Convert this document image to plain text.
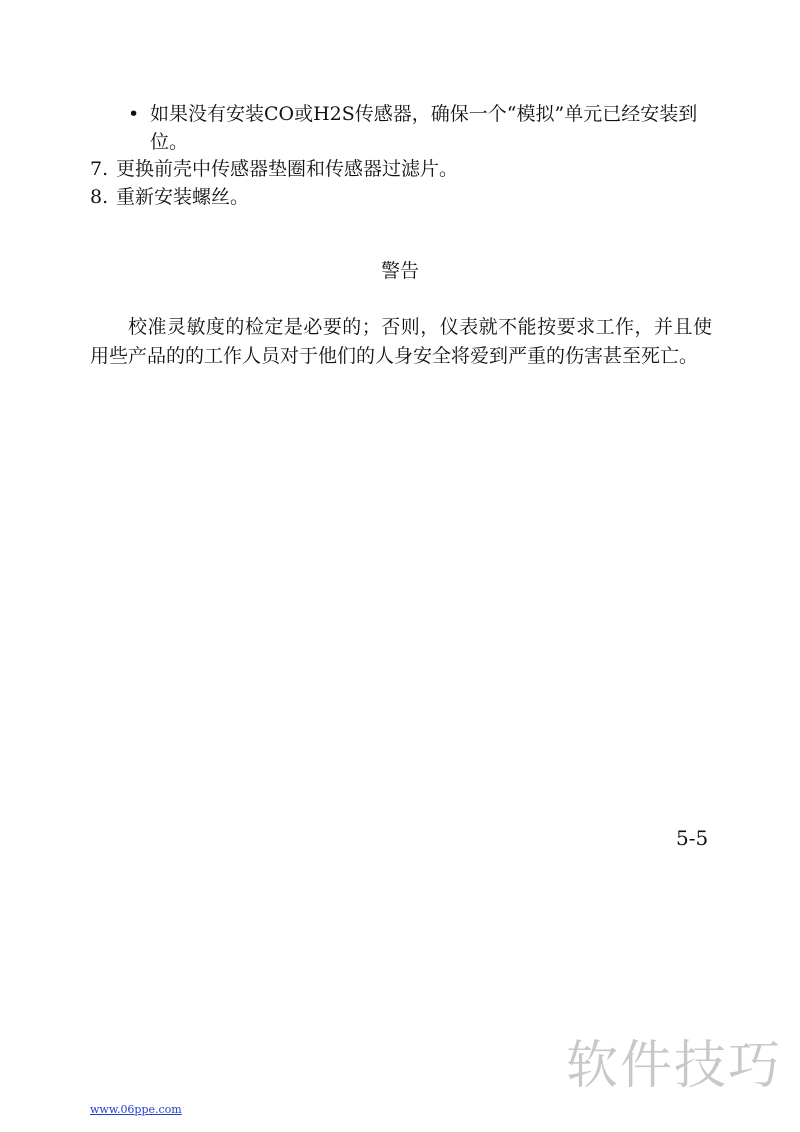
• 如果没有安装CO或H2S传感器，确保一个“模拟”单元已经安装到位。
7. 更换前壳中传感器垫圈和传感器过滤片。
8. 重新安装螺丝。
警告
校准灵敏度的检定是必要的；否则，仪表就不能按要求工作，并且使用些产品的的工作人员对于他们的人身安全将爱到严重的伤害甚至死亡。
5-5
软件技巧
www.06ppe.com
